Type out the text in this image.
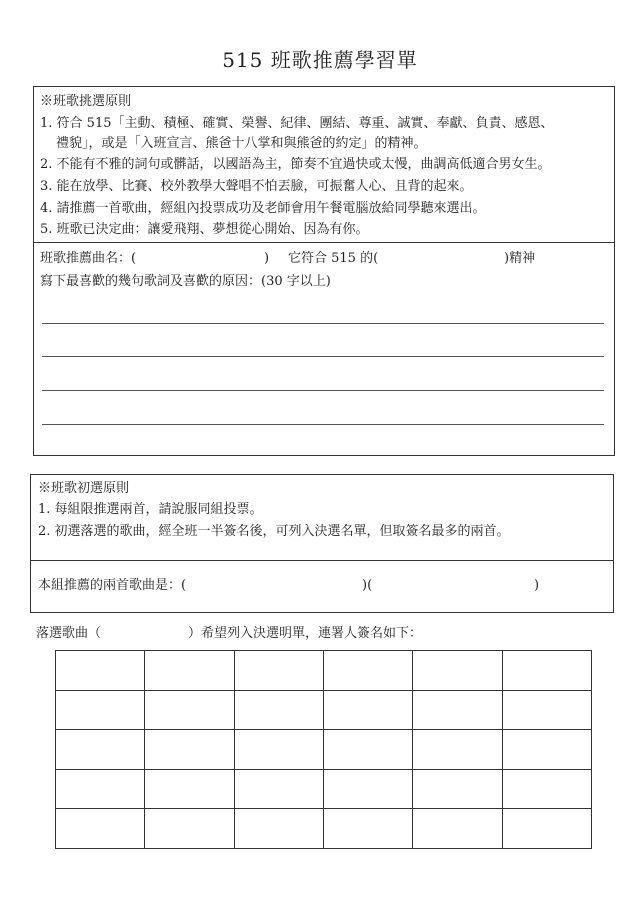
515 班歌推薦學習單
※班歌挑選原則
1. 符合 515「主動、積極、確實、榮譽、紀律、團結、尊重、誠實、奉獻、負責、感恩、
禮貌」，或是「入班宣言、熊爸十八掌和與熊爸的約定」的精神。
2. 不能有不雅的詞句或髒話，以國語為主，節奏不宜過快或太慢，曲調高低適合男女生。
3. 能在放學、比賽、校外教學大聲唱不怕丟臉，可振奮人心、且背的起來。
4. 請推薦一首歌曲，經組內投票成功及老師會用午餐電腦放給同學聽來選出。
5. 班歌已決定曲：讓愛飛翔、夢想從心開始、因為有你。
班歌推薦曲名：(	) 它符合 515 的(	)精神
寫下最喜歡的幾句歌詞及喜歡的原因：(30 字以上)
※班歌初選原則
1. 每組限推選兩首，請說服同組投票。
2. 初選落選的歌曲，經全班一半簽名後，可列入決選名單，但取簽名最多的兩首。
本組推薦的兩首歌曲是：(	)(	)
落選歌曲（	）希望列入決選明單，連署人簽名如下：
